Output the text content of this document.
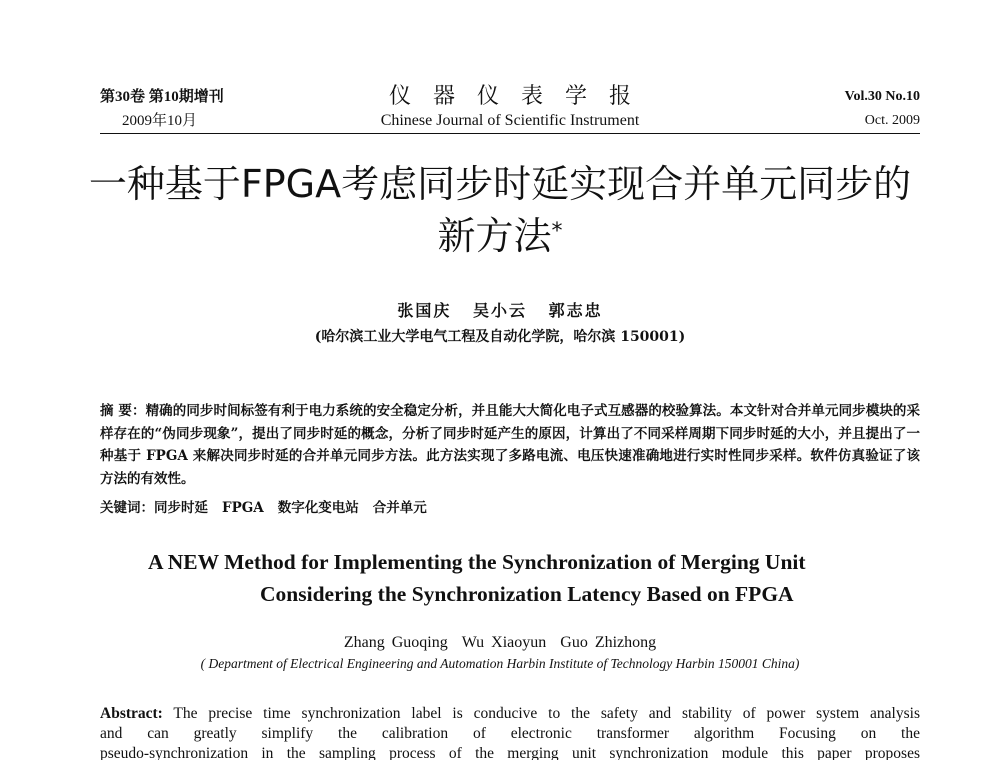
第30卷 第10期增刊
2009年10月
仪器仪表学报
Chinese Journal of Scientific Instrument
Vol.30 No.10
Oct. 2009
一种基于FPGA考虑同步时延实现合并单元同步的
新方法*
张国庆 吴小云 郭志忠
(哈尔滨工业大学电气工程及自动化学院，哈尔滨 150001)
摘 要：精确的同步时间标签有利于电力系统的安全稳定分析，并且能大大简化电子式互感器的校验算法。本文针对合并单元同步模块的采样存在的“伪同步现象”，提出了同步时延的概念，分析了同步时延产生的原因，计算出了不同采样周期下同步时延的大小，并且提出了一种基于 FPGA 来解决同步时延的合并单元同步方法。此方法实现了多路电流、电压快速准确地进行实时性同步采样。软件仿真验证了该方法的有效性。
关键词：同步时延 FPGA 数字化变电站 合并单元
A NEW Method for Implementing the Synchronization of Merging Unit
Considering the Synchronization Latency Based on FPGA
Zhang Guoqing Wu Xiaoyun Guo Zhizhong
( Department of Electrical Engineering and Automation Harbin Institute of Technology Harbin 150001 China)
Abstract: The precise time synchronization label is conducive to the safety and stability of power system analysis
and can greatly simplify the calibration of electronic transformer algorithm Focusing on the
pseudo-synchronization in the sampling process of the merging unit synchronization module this paper proposes
